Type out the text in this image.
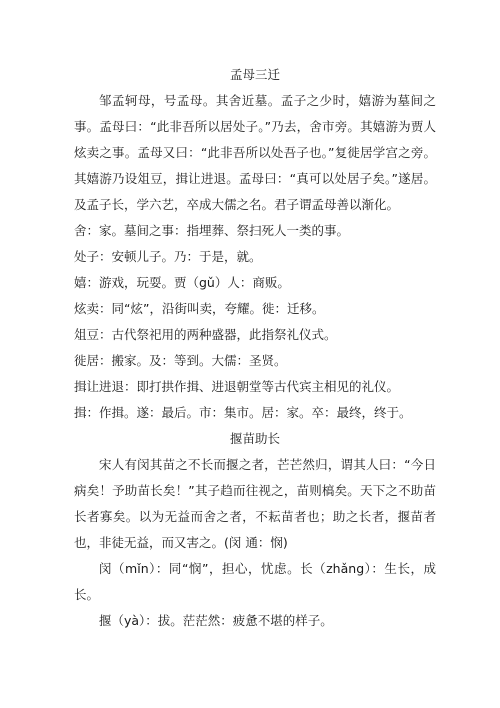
孟母三迁

邹孟轲母，号孟母。其舍近墓。孟子之少时，嬉游为墓间之事。孟母曰：“此非吾所以居处子。”乃去，舍市旁。其嬉游为贾人炫卖之事。孟母又曰：“此非吾所以处吾子也。”复徙居学宫之旁。其嬉游乃设俎豆，揖让进退。孟母曰：“真可以处居子矣。”遂居。及孟子长，学六艺，卒成大儒之名。君子谓孟母善以渐化。

舍：家。墓间之事：指埋葬、祭扫死人一类的事。

处子：安顿儿子。乃：于是，就。

嬉：游戏，玩耍。贾（gǔ）人：商贩。

炫卖：同“炫”，沿街叫卖，夸耀。徙：迁移。

俎豆：古代祭祀用的两种盛器，此指祭礼仪式。

徙居：搬家。及：等到。大儒：圣贤。

揖让进退：即打拱作揖、进退朝堂等古代宾主相见的礼仪。

揖：作揖。遂：最后。市：集市。居：家。卒：最终，终于。

揠苗助长

宋人有闵其苗之不长而揠之者，芒芒然归，谓其人曰：“今日病矣！予助苗长矣！”其子趋而往视之，苗则槁矣。天下之不助苗长者寡矣。以为无益而舍之者，不耘苗者也；助之长者，揠苗者也，非徒无益，而又害之。(闵 通：悯)

闵（mǐn）：同“悯”，担心，忧虑。长（zhǎng）：生长，成长。

揠（yà）：拔。茫茫然：疲惫不堪的样子。
